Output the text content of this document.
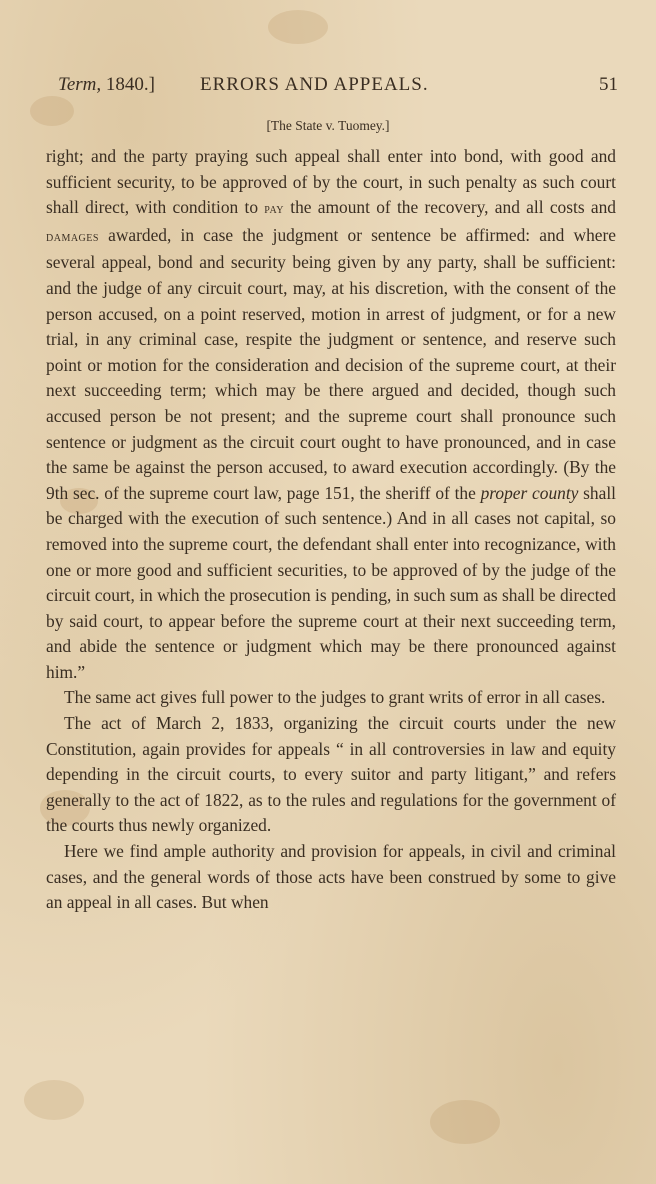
Term, 1840.] ERRORS AND APPEALS.	51
[The State v. Tuomey.]

right; and the party praying such appeal shall enter into bond, with good and sufficient security, to be approved of by the court, in such penalty as such court shall direct, with condition to pay the amount of the recovery, and all costs and damages awarded, in case the judgment or sentence be affirmed: and where several appeal, bond and security being given by any party, shall be sufficient: and the judge of any circuit court, may, at his discretion, with the consent of the person accused, on a point reserved, motion in arrest of judgment, or for a new trial, in any criminal case, respite the judgment or sentence, and reserve such point or motion for the consideration and decision of the supreme court, at their next succeeding term; which may be there argued and decided, though such accused person be not present; and the supreme court shall pronounce such sentence or judgment as the circuit court ought to have pronounced, and in case the same be against the person accused, to award execution accordingly. (By the 9th sec. of the supreme court law, page 151, the sheriff of the proper county shall be charged with the execution of such sentence.) And in all cases not capital, so removed into the supreme court, the defendant shall enter into recognizance, with one or more good and sufficient securities, to be approved of by the judge of the circuit court, in which the prosecution is pending, in such sum as shall be directed by said court, to appear before the supreme court at their next succeeding term, and abide the sentence or judgment which may be there pronounced against him.”

The same act gives full power to the judges to grant writs of error in all cases.

The act of March 2, 1833, organizing the circuit courts under the new Constitution, again provides for appeals “ in all controversies in law and equity depending in the circuit courts, to every suitor and party litigant,” and refers generally to the act of 1822, as to the rules and regulations for the government of the courts thus newly organized.

Here we find ample authority and provision for appeals, in civil and criminal cases, and the general words of those acts have been construed by some to give an appeal in all cases. But when
